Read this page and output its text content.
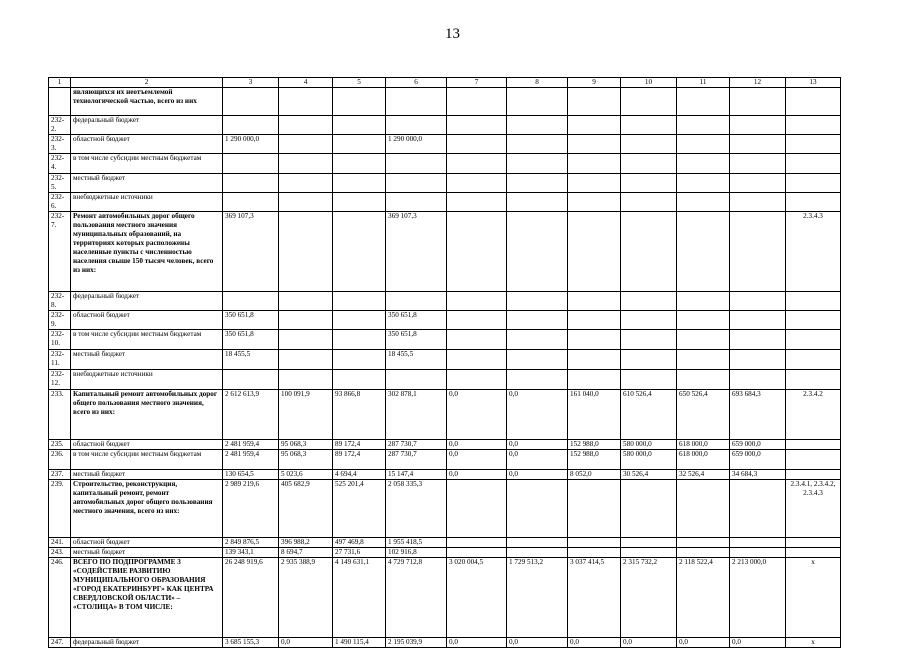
13
1	2	3	4	5	6	7	8	9	10	11	12	13
	являющихся их неотъемлемой технологической частью, всего из них											
232-2.	федеральный бюджет											
232-3.	областной бюджет	1 290 000,0			1 290 000,0							
232-4.	в том числе субсидии местным бюджетам											
232-5.	местный бюджет											
232-6.	внебюджетные источники											
232-7.	Ремонт автомобильных дорог общего пользования местного значения муниципальных образований, на территориях которых расположены населенные пункты с численностью населения свыше 150 тысяч человек, всего из них:	369 107,3			369 107,3							2.3.4.3
232-8.	федеральный бюджет											
232-9.	областной бюджет	350 651,8			350 651,8							
232-10.	в том числе субсидии местным бюджетам	350 651,8			350 651,8							
232-11.	местный бюджет	18 455,5			18 455,5							
232-12.	внебюджетные источники											
233.	Капитальный ремонт автомобильных дорог общего пользования местного значения, всего из них:	2 612 613,9	100 091,9	93 866,8	302 878,1	0,0	0,0	161 040,0	610 526,4	650 526,4	693 684,3	2.3.4.2
235.	областной бюджет	2 481 959,4	95 068,3	89 172,4	287 730,7	0,0	0,0	152 988,0	580 000,0	618 000,0	659 000,0	
236.	в том числе субсидии местным бюджетам	2 481 959,4	95 068,3	89 172,4	287 730,7	0,0	0,0	152 988,0	580 000,0	618 000,0	659 000,0	
237.	местный бюджет	130 654,5	5 023,6	4 694,4	15 147,4	0,0	0,0	8 052,0	30 526,4	32 526,4	34 684,3	
239.	Строительство, реконструкция, капитальный ремонт, ремонт автомобильных дорог общего пользования местного значения, всего из них:	2 989 219,6	405 682,9	525 201,4	2 058 335,3							2.3.4.1, 2.3.4.2, 2.3.4.3
241.	областной бюджет	2 849 876,5	396 988,2	497 469,8	1 955 418,5							
243.	местный бюджет	139 343,1	8 694,7	27 731,6	102 916,8							
246.	ВСЕГО ПО ПОДПРОГРАММЕ 3 «СОДЕЙСТВИЕ РАЗВИТИЮ МУНИЦИПАЛЬНОГО ОБРАЗОВАНИЯ «ГОРОД ЕКАТЕРИНБУРГ» КАК ЦЕНТРА СВЕРДЛОВСКОЙ ОБЛАСТИ» – «СТОЛИЦА» В ТОМ ЧИСЛЕ:	26 248 919,6	2 935 388,9	4 149 631,1	4 729 712,8	3 020 004,5	1 729 513,2	3 037 414,5	2 315 732,2	2 118 522,4	2 213 000,0	х
247.	федеральный бюджет	3 685 155,3	0,0	1 490 115,4	2 195 039,9	0,0	0,0	0,0	0,0	0,0	0,0	х
